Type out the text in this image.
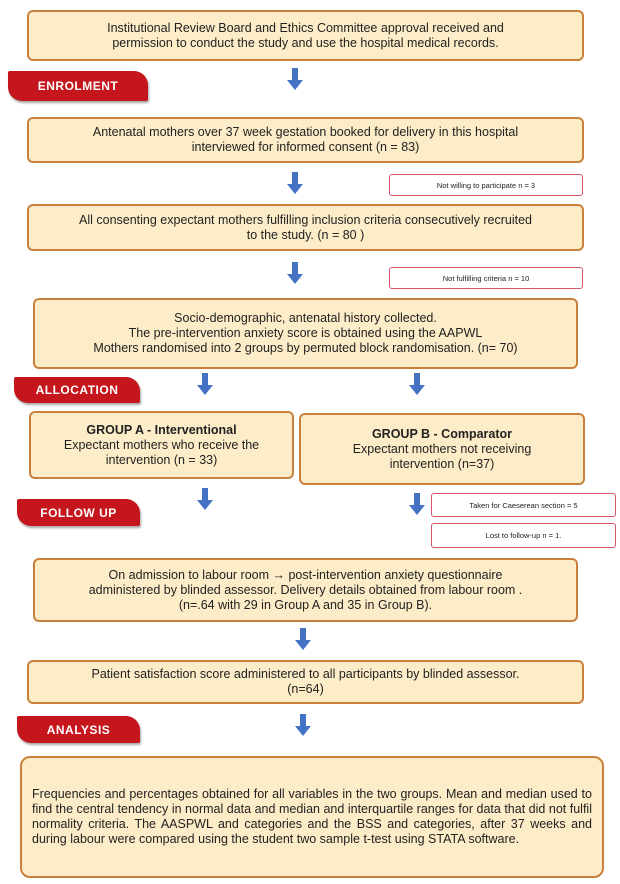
Institutional Review Board and Ethics Committee approval received and
permission to conduct the study and use the hospital medical records.
ENROLMENT
Antenatal mothers over 37 week gestation booked for delivery in this hospital
interviewed for informed consent (n = 83)
Not willing to participate n = 3
All consenting expectant mothers fulfilling inclusion criteria consecutively recruited
to the study. (n = 80 )
Not fulfilling criteria n = 10
Socio-demographic, antenatal history collected.
The pre-intervention anxiety score is obtained using the AAPWL
Mothers randomised into 2 groups by permuted block randomisation. (n= 70)
ALLOCATION
GROUP A - Interventional
Expectant mothers who receive the
intervention (n = 33)
GROUP B - Comparator
Expectant mothers not receiving
intervention (n=37)
FOLLOW UP
Taken for Caeserean section = 5
Lost to follow-up n = 1.
On admission to labour room → post-intervention anxiety questionnaire
administered by blinded assessor. Delivery details obtained from labour room .
(n=.64 with 29 in Group A and 35 in Group B).
Patient satisfaction score administered to all participants by blinded assessor.
(n=64)
ANALYSIS
Frequencies and percentages obtained for all variables in the two groups. Mean and median used to find the central tendency in normal data and median and interquartile ranges for data that did not fulfil normality criteria. The AASPWL and categories and the BSS and categories, after 37 weeks and during labour were compared using the student two sample t-test using STATA software.
